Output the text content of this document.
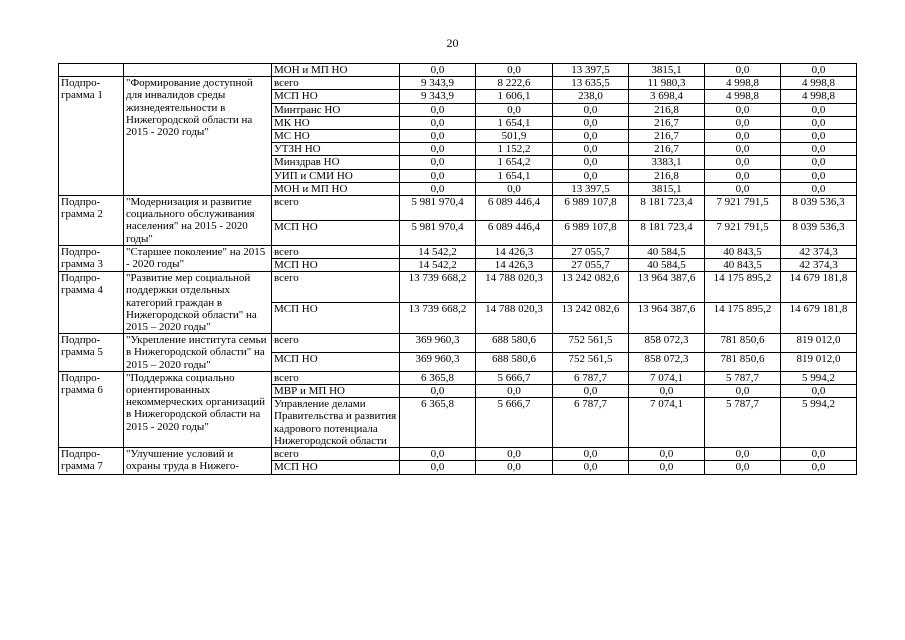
20
		МОН и МП НО	0,0	0,0	13 397,5	3815,1	0,0	0,0
Подпро-грамма 1	"Формирование доступной для инвалидов среды жизнедеятельности в Нижегородской области на 2015 - 2020 годы"	всего	9 343,9	8 222,6	13 635,5	11 980,3	4 998,8	4 998,8
		МСП НО	9 343,9	1 606,1	238,0	3 698,4	4 998,8	4 998,8
		Минтранс НО	0,0	0,0	0,0	216,8	0,0	0,0
		МК НО	0,0	1 654,1	0,0	216,7	0,0	0,0
		МС НО	0,0	501,9	0,0	216,7	0,0	0,0
		УТЗН НО	0,0	1 152,2	0,0	216,7	0,0	0,0
		Минздрав НО	0,0	1 654,2	0,0	3383,1	0,0	0,0
		УИП и СМИ НО	0,0	1 654,1	0,0	216,8	0,0	0,0
		МОН и МП НО	0,0	0,0	13 397,5	3815,1	0,0	0,0
Подпро-грамма 2	"Модернизация и развитие социального обслуживания населения" на 2015 - 2020 годы"	всего	5 981 970,4	6 089 446,4	6 989 107,8	8 181 723,4	7 921 791,5	8 039 536,3
		МСП НО	5 981 970,4	6 089 446,4	6 989 107,8	8 181 723,4	7 921 791,5	8 039 536,3
Подпро-грамма 3	"Старшее поколение" на 2015 - 2020 годы"	всего	14 542,2	14 426,3	27 055,7	40 584,5	40 843,5	42 374,3
		МСП НО	14 542,2	14 426,3	27 055,7	40 584,5	40 843,5	42 374,3
Подпро-грамма 4	"Развитие мер социальной поддержки отдельных категорий граждан в Нижегородской области" на 2015 – 2020 годы"	всего	13 739 668,2	14 788 020,3	13 242 082,6	13 964 387,6	14 175 895,2	14 679 181,8
		МСП НО	13 739 668,2	14 788 020,3	13 242 082,6	13 964 387,6	14 175 895,2	14 679 181,8
Подпро-грамма 5	"Укрепление института семьи в Нижегородской области" на 2015 – 2020 годы"	всего	369 960,3	688 580,6	752 561,5	858 072,3	781 850,6	819 012,0
		МСП НО	369 960,3	688 580,6	752 561,5	858 072,3	781 850,6	819 012,0
Подпро-грамма 6	"Поддержка социально ориентированных некоммерческих организаций в Нижегородской области на 2015 - 2020 годы"	всего	6 365,8	5 666,7	6 787,7	7 074,1	5 787,7	5 994,2
		МВР и МП НО	0,0	0,0	0,0	0,0	0,0	0,0
		Управление делами Правительства и развития кадрового потенциала Нижегородской области	6 365,8	5 666,7	6 787,7	7 074,1	5 787,7	5 994,2
Подпро-грамма 7	"Улучшение условий и охраны труда в Нижего-	всего	0,0	0,0	0,0	0,0	0,0	0,0
		МСП НО	0,0	0,0	0,0	0,0	0,0	0,0
